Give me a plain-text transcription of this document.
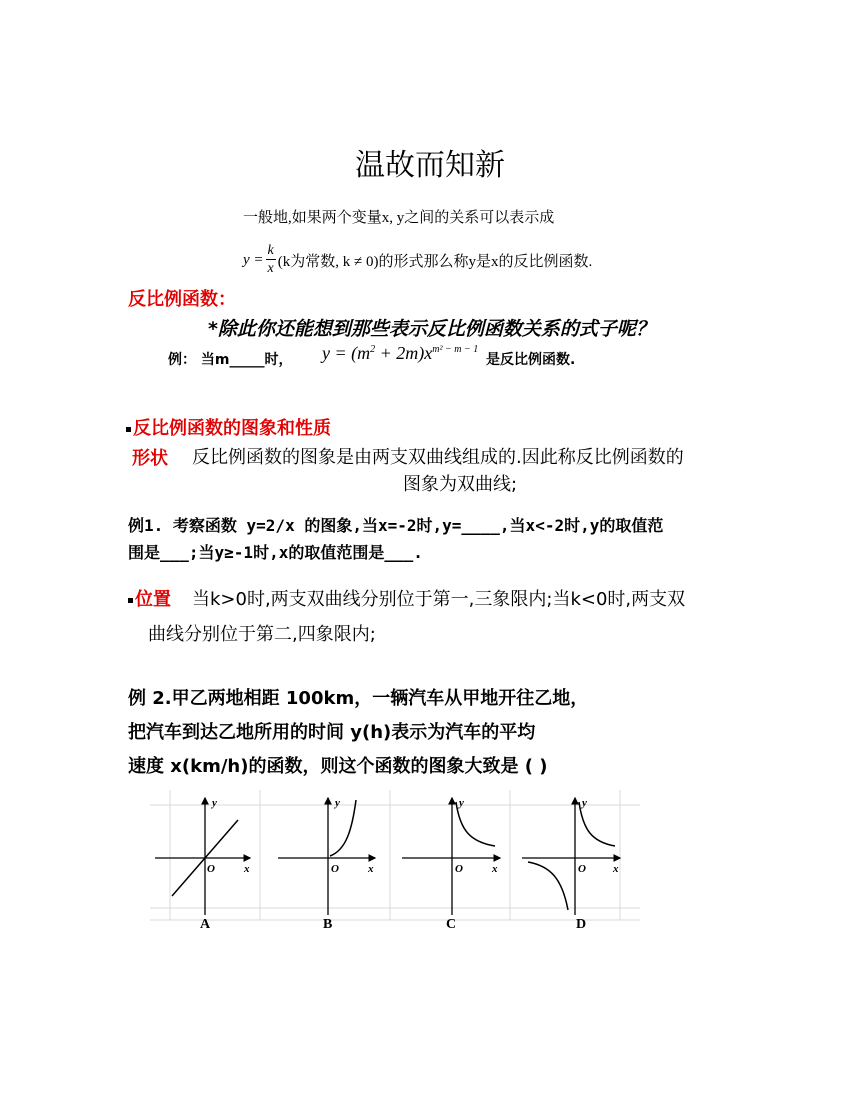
温故而知新
一般地,如果两个变量x, y之间的关系可以表示成
$y = \frac{k}{x} (k$为常数, k ≠ 0) 的形式那么称y是x的反比例函数.
反比例函数：
*除此你还能想到那些表示反比例函数关系的式子呢？
例： 当m_____时， $y = (m^2 + 2m)x^{m^2 - m - 1}$
是反比例函数.
反比例函数的图象和性质
形状 反比例函数的图象是由两支双曲线组成的.因此称反比例函数的
图象为双曲线;
例1. 考察函数 y=2/x 的图象,当x=-2时,y=____,当x<-2时,y的取值范
围是___;当y≥-1时,x的取值范围是___.
位置 当k>0时,两支双曲线分别位于第一,三象限内;当k<0时,两支双
曲线分别位于第二,四象限内;
例 2.甲乙两地相距 100km，一辆汽车从甲地开往乙地，
把汽车到达乙地所用的时间 y(h)表示为汽车的平均
速度 x(km/h)的函数，则这个函数的图象大致是 ( )
y
x
O
y
x
O
y
x
O
y
x
O
A	B	C	D
